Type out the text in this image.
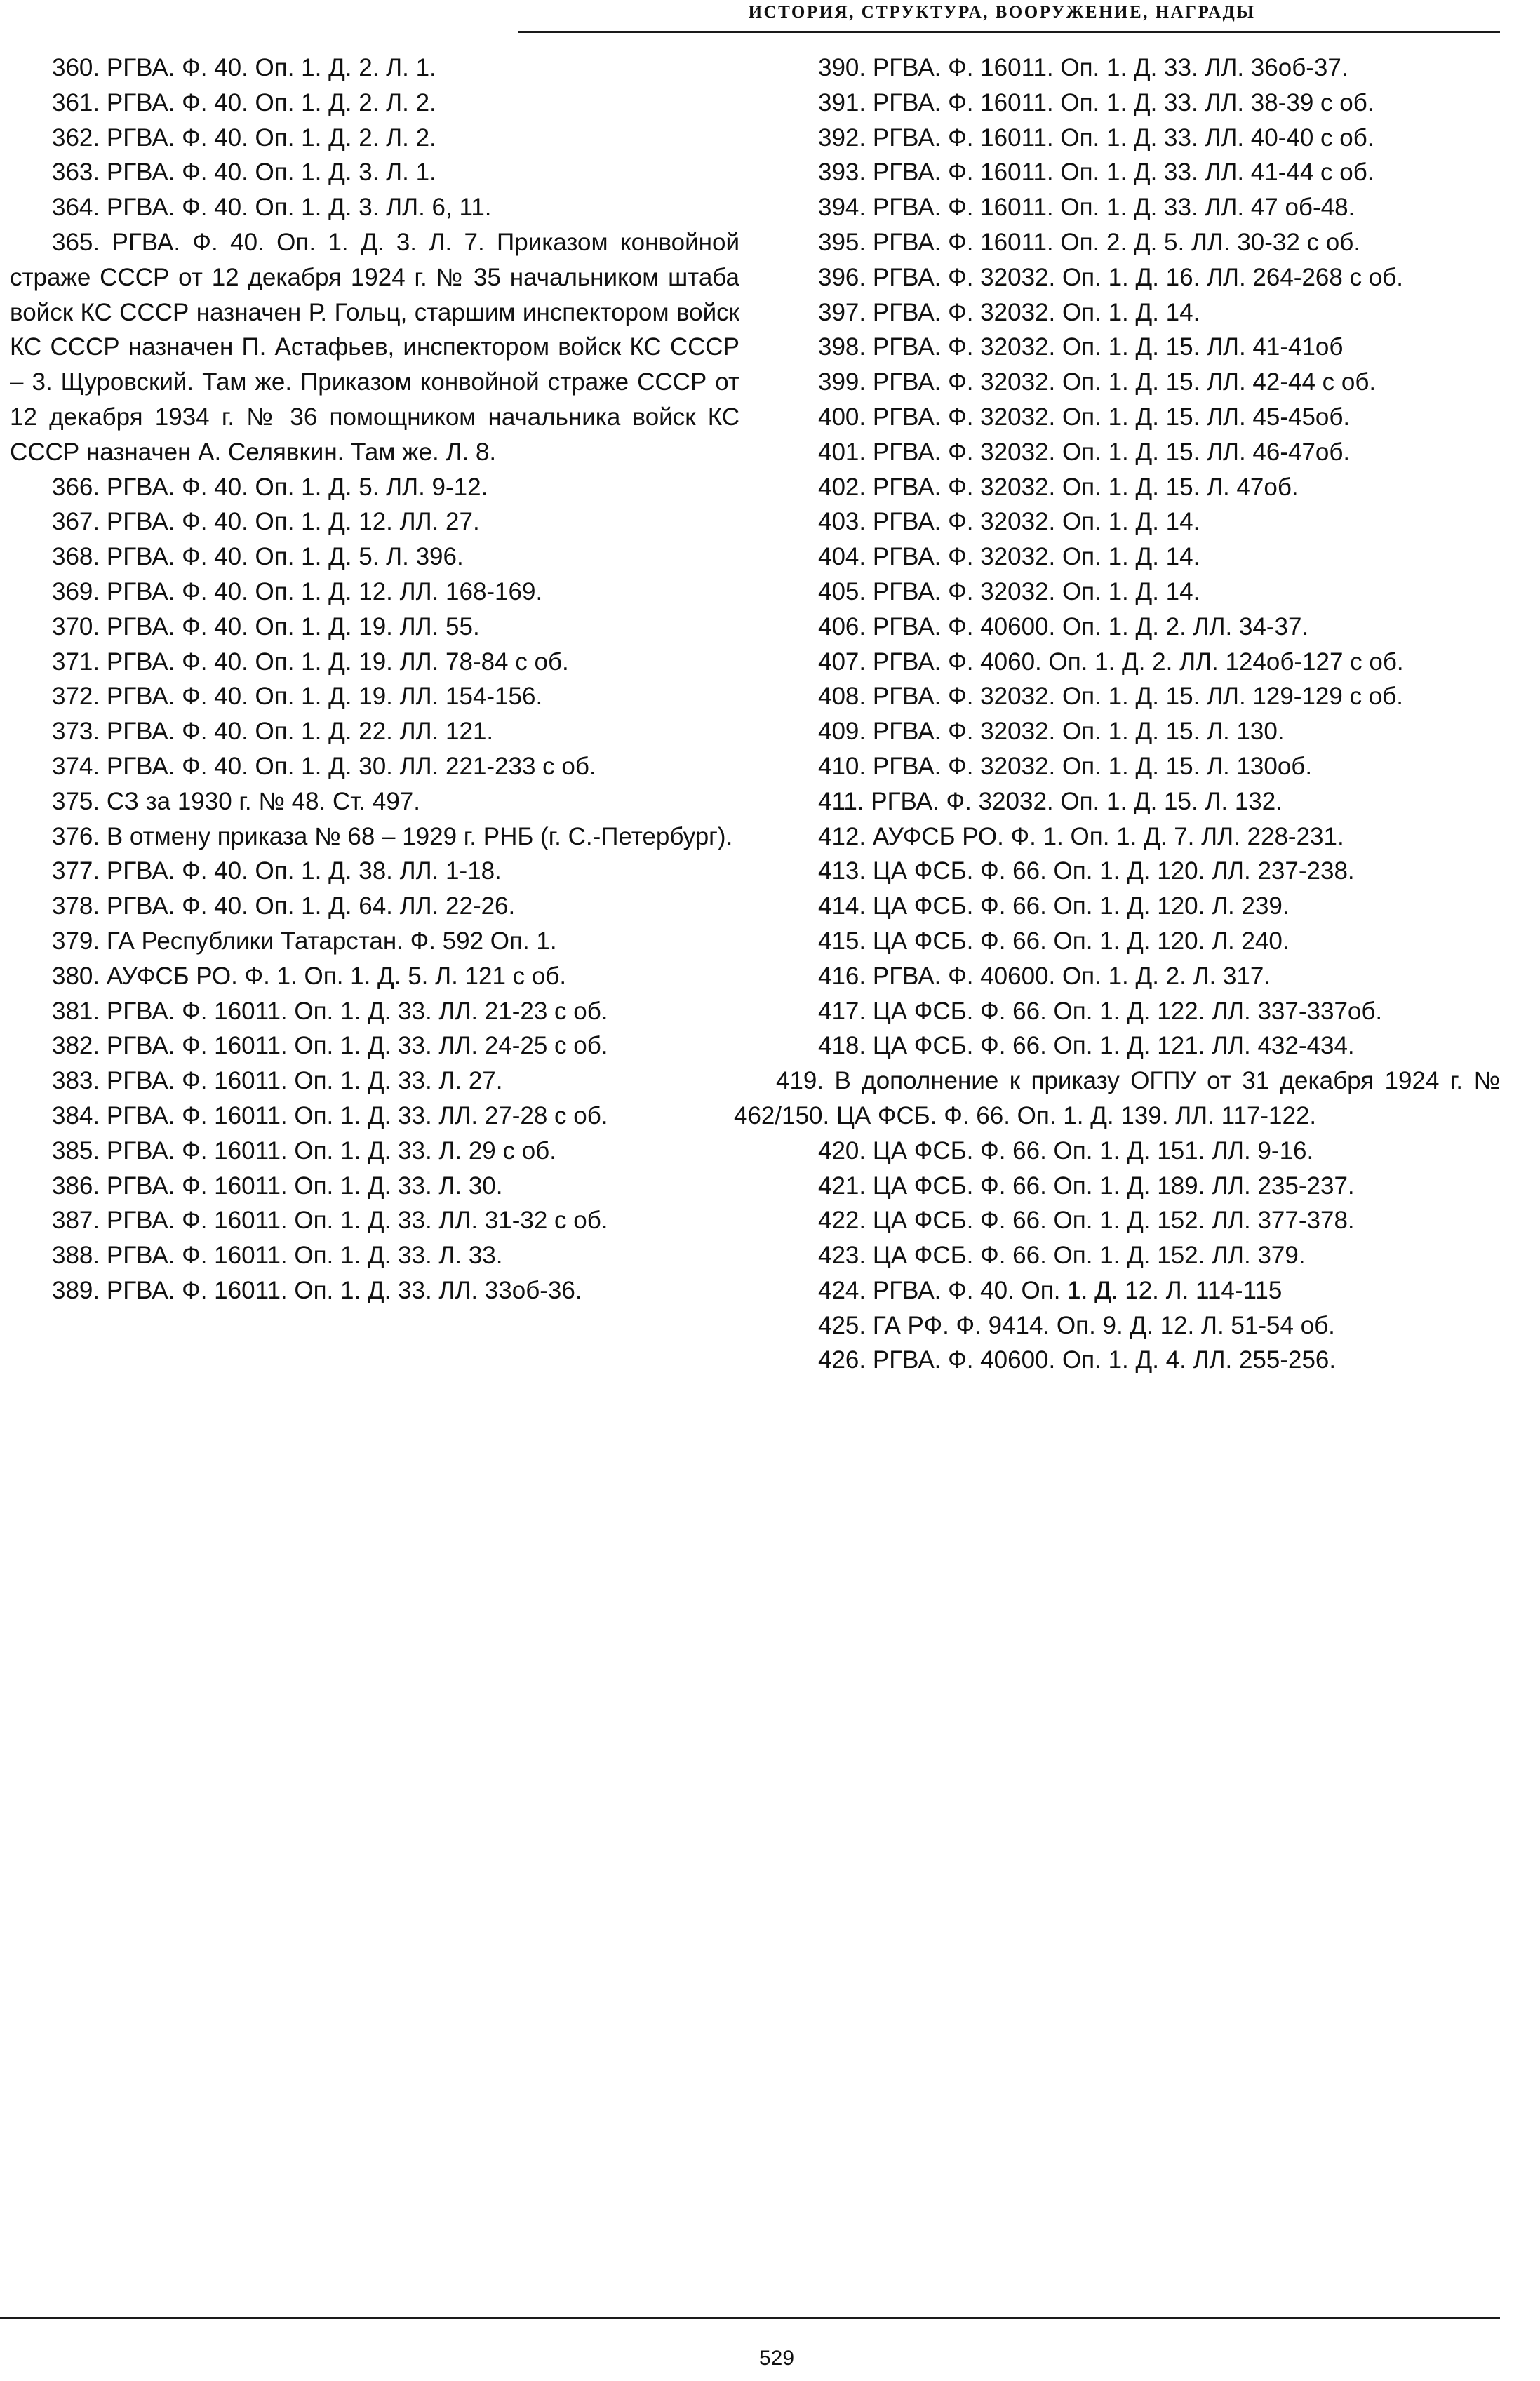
ИСТОРИЯ, СТРУКТУРА, ВООРУЖЕНИЕ, НАГРАДЫ

360. РГВА. Ф. 40. Оп. 1. Д. 2. Л. 1.

361. РГВА. Ф. 40. Оп. 1. Д. 2. Л. 2.

362. РГВА. Ф. 40. Оп. 1. Д. 2. Л. 2.

363. РГВА. Ф. 40. Оп. 1. Д. 3. Л. 1.

364. РГВА. Ф. 40. Оп. 1. Д. 3. ЛЛ. 6, 11.

365. РГВА. Ф. 40. Оп. 1. Д. 3. Л. 7. Приказом конвойной страже СССР от 12 декабря 1924 г. № 35 начальником штаба войск КС СССР назначен Р. Гольц, старшим инспектором войск КС СССР назначен П. Астафьев, инспектором войск КС СССР – 3. Щуровский. Там же. Приказом конвойной страже СССР от 12 декабря 1934 г. № 36 помощником начальника войск КС СССР назначен А. Селявкин. Там же. Л. 8.

366. РГВА. Ф. 40. Оп. 1. Д. 5. ЛЛ. 9-12.

367. РГВА. Ф. 40. Оп. 1. Д. 12. ЛЛ. 27.

368. РГВА. Ф. 40. Оп. 1. Д. 5. Л. 396.

369. РГВА. Ф. 40. Оп. 1. Д. 12. ЛЛ. 168-169.

370. РГВА. Ф. 40. Оп. 1. Д. 19. ЛЛ. 55.

371. РГВА. Ф. 40. Оп. 1. Д. 19. ЛЛ. 78-84 с об.

372. РГВА. Ф. 40. Оп. 1. Д. 19. ЛЛ. 154-156.

373. РГВА. Ф. 40. Оп. 1. Д. 22. ЛЛ. 121.

374. РГВА. Ф. 40. Оп. 1. Д. 30. ЛЛ. 221-233 с об.

375. СЗ за 1930 г. № 48. Ст. 497.

376. В отмену приказа № 68 – 1929 г. РНБ (г. С.-Петербург).

377. РГВА. Ф. 40. Оп. 1. Д. 38. ЛЛ. 1-18.

378. РГВА. Ф. 40. Оп. 1. Д. 64. ЛЛ. 22-26.

379. ГА Республики Татарстан. Ф. 592 Оп. 1.

380. АУФСБ РО. Ф. 1. Оп. 1. Д. 5. Л. 121 с об.

381. РГВА. Ф. 16011. Оп. 1. Д. 33. ЛЛ. 21-23 с об.

382. РГВА. Ф. 16011. Оп. 1. Д. 33. ЛЛ. 24-25 с об.

383. РГВА. Ф. 16011. Оп. 1. Д. 33. Л. 27.

384. РГВА. Ф. 16011. Оп. 1. Д. 33. ЛЛ. 27-28 с об.

385. РГВА. Ф. 16011. Оп. 1. Д. 33. Л. 29 с об.

386. РГВА. Ф. 16011. Оп. 1. Д. 33. Л. 30.

387. РГВА. Ф. 16011. Оп. 1. Д. 33. ЛЛ. 31-32 с об.

388. РГВА. Ф. 16011. Оп. 1. Д. 33. Л. 33.

389. РГВА. Ф. 16011. Оп. 1. Д. 33. ЛЛ. 33об-36.

390. РГВА. Ф. 16011. Оп. 1. Д. 33. ЛЛ. 36об-37.

391. РГВА. Ф. 16011. Оп. 1. Д. 33. ЛЛ. 38-39 с об.

392. РГВА. Ф. 16011. Оп. 1. Д. 33. ЛЛ. 40-40 с об.

393. РГВА. Ф. 16011. Оп. 1. Д. 33. ЛЛ. 41-44 с об.

394. РГВА. Ф. 16011. Оп. 1. Д. 33. ЛЛ. 47 об-48.

395. РГВА. Ф. 16011. Оп. 2. Д. 5. ЛЛ. 30-32 с об.

396. РГВА. Ф. 32032. Оп. 1. Д. 16. ЛЛ. 264-268 с об.

397. РГВА. Ф. 32032. Оп. 1. Д. 14.

398. РГВА. Ф. 32032. Оп. 1. Д. 15. ЛЛ. 41-41об

399. РГВА. Ф. 32032. Оп. 1. Д. 15. ЛЛ. 42-44 с об.

400. РГВА. Ф. 32032. Оп. 1. Д. 15. ЛЛ. 45-45об.

401. РГВА. Ф. 32032. Оп. 1. Д. 15. ЛЛ. 46-47об.

402. РГВА. Ф. 32032. Оп. 1. Д. 15. Л. 47об.

403. РГВА. Ф. 32032. Оп. 1. Д. 14.

404. РГВА. Ф. 32032. Оп. 1. Д. 14.

405. РГВА. Ф. 32032. Оп. 1. Д. 14.

406. РГВА. Ф. 40600. Оп. 1. Д. 2. ЛЛ. 34-37.

407. РГВА. Ф. 4060. Оп. 1. Д. 2. ЛЛ. 124об-127 с об.

408. РГВА. Ф. 32032. Оп. 1. Д. 15. ЛЛ. 129-129 с об.

409. РГВА. Ф. 32032. Оп. 1. Д. 15. Л. 130.

410. РГВА. Ф. 32032. Оп. 1. Д. 15. Л. 130об.

411. РГВА. Ф. 32032. Оп. 1. Д. 15. Л. 132.

412. АУФСБ РО. Ф. 1. Оп. 1. Д. 7. ЛЛ. 228-231.

413. ЦА ФСБ. Ф. 66. Оп. 1. Д. 120. ЛЛ. 237-238.

414. ЦА ФСБ. Ф. 66. Оп. 1. Д. 120. Л. 239.

415. ЦА ФСБ. Ф. 66. Оп. 1. Д. 120. Л. 240.

416. РГВА. Ф. 40600. Оп. 1. Д. 2. Л. 317.

417. ЦА ФСБ. Ф. 66. Оп. 1. Д. 122. ЛЛ. 337-337об.

418. ЦА ФСБ. Ф. 66. Оп. 1. Д. 121. ЛЛ. 432-434.

419. В дополнение к приказу ОГПУ от 31 декабря 1924 г. № 462/150. ЦА ФСБ. Ф. 66. Оп. 1. Д. 139. ЛЛ. 117-122.

420. ЦА ФСБ. Ф. 66. Оп. 1. Д. 151. ЛЛ. 9-16.

421. ЦА ФСБ. Ф. 66. Оп. 1. Д. 189. ЛЛ. 235-237.

422. ЦА ФСБ. Ф. 66. Оп. 1. Д. 152. ЛЛ. 377-378.

423. ЦА ФСБ. Ф. 66. Оп. 1. Д. 152. ЛЛ. 379.

424. РГВА. Ф. 40. Оп. 1. Д. 12. Л. 114-115

425. ГА РФ. Ф. 9414. Оп. 9. Д. 12. Л. 51-54 об.

426. РГВА. Ф. 40600. Оп. 1. Д. 4. ЛЛ. 255-256.

529
